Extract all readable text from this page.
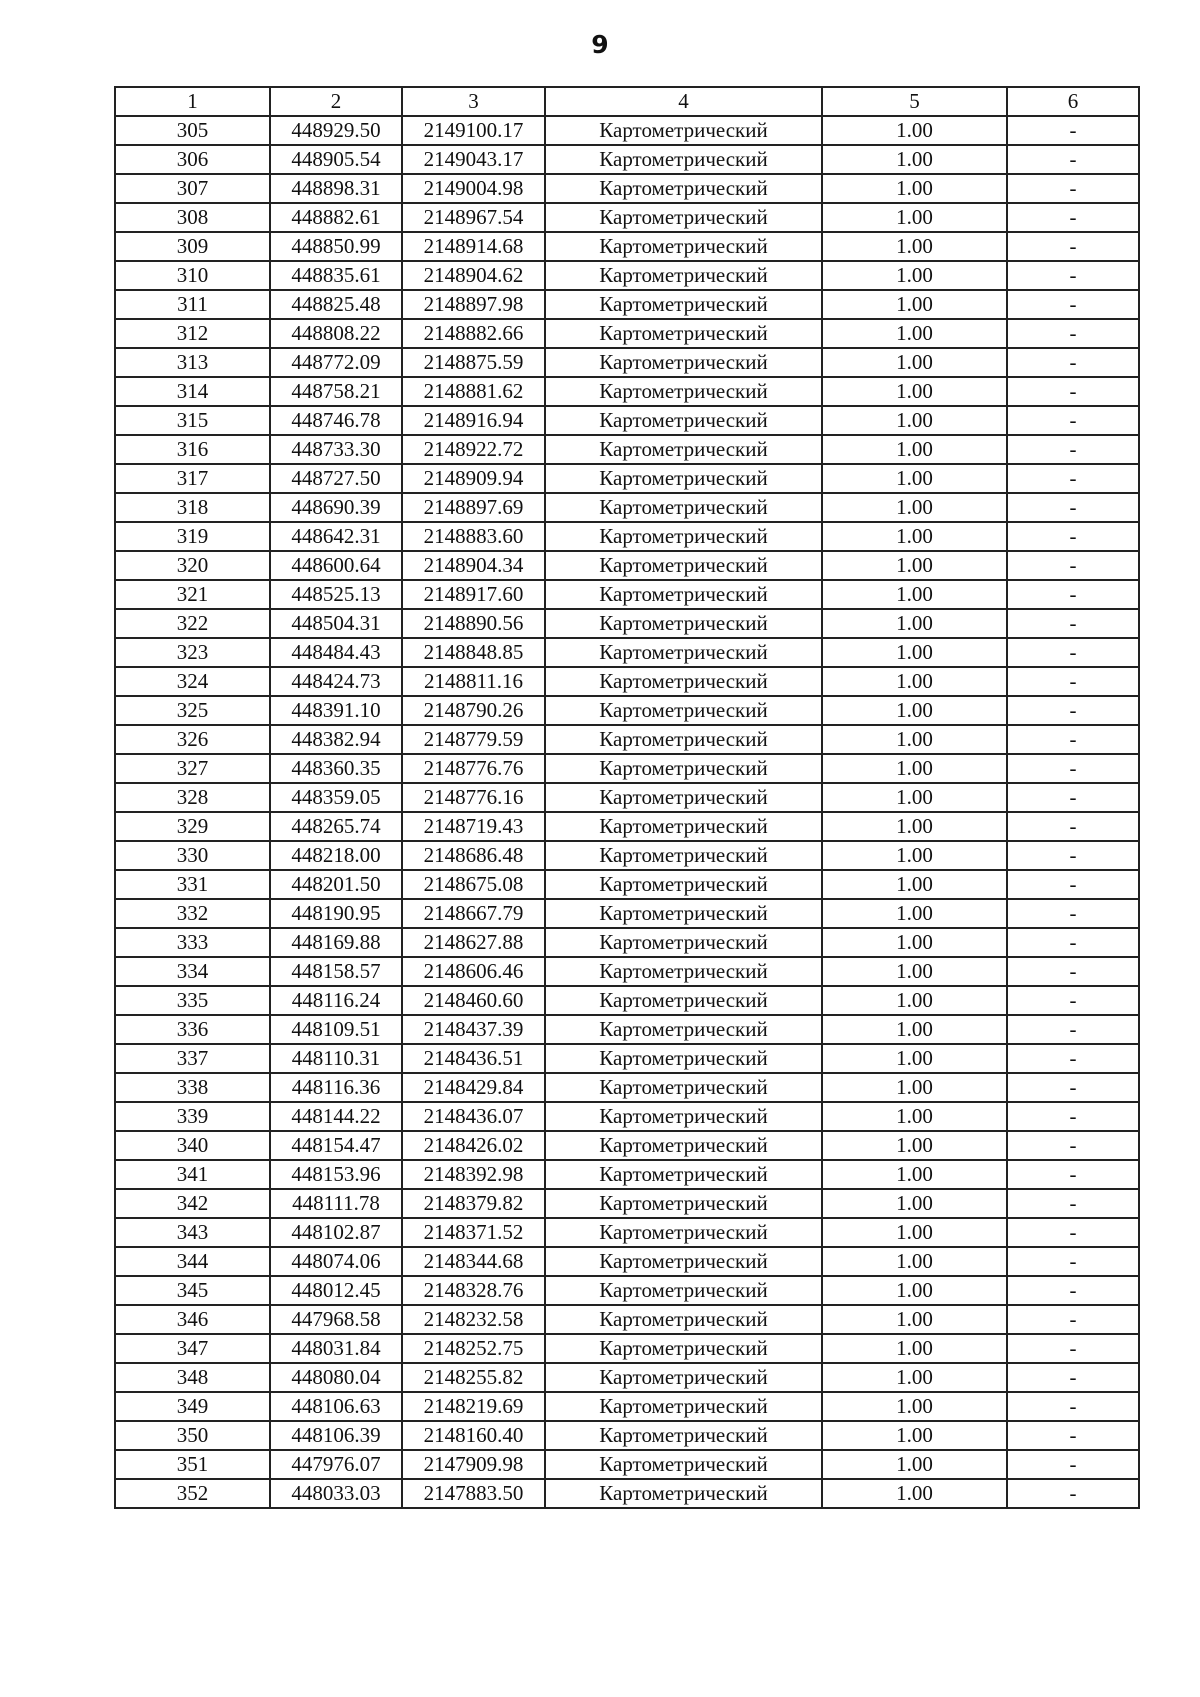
9
1	2	3	4	5	6
305	448929.50	2149100.17	Картометрический	1.00	-
306	448905.54	2149043.17	Картометрический	1.00	-
307	448898.31	2149004.98	Картометрический	1.00	-
308	448882.61	2148967.54	Картометрический	1.00	-
309	448850.99	2148914.68	Картометрический	1.00	-
310	448835.61	2148904.62	Картометрический	1.00	-
311	448825.48	2148897.98	Картометрический	1.00	-
312	448808.22	2148882.66	Картометрический	1.00	-
313	448772.09	2148875.59	Картометрический	1.00	-
314	448758.21	2148881.62	Картометрический	1.00	-
315	448746.78	2148916.94	Картометрический	1.00	-
316	448733.30	2148922.72	Картометрический	1.00	-
317	448727.50	2148909.94	Картометрический	1.00	-
318	448690.39	2148897.69	Картометрический	1.00	-
319	448642.31	2148883.60	Картометрический	1.00	-
320	448600.64	2148904.34	Картометрический	1.00	-
321	448525.13	2148917.60	Картометрический	1.00	-
322	448504.31	2148890.56	Картометрический	1.00	-
323	448484.43	2148848.85	Картометрический	1.00	-
324	448424.73	2148811.16	Картометрический	1.00	-
325	448391.10	2148790.26	Картометрический	1.00	-
326	448382.94	2148779.59	Картометрический	1.00	-
327	448360.35	2148776.76	Картометрический	1.00	-
328	448359.05	2148776.16	Картометрический	1.00	-
329	448265.74	2148719.43	Картометрический	1.00	-
330	448218.00	2148686.48	Картометрический	1.00	-
331	448201.50	2148675.08	Картометрический	1.00	-
332	448190.95	2148667.79	Картометрический	1.00	-
333	448169.88	2148627.88	Картометрический	1.00	-
334	448158.57	2148606.46	Картометрический	1.00	-
335	448116.24	2148460.60	Картометрический	1.00	-
336	448109.51	2148437.39	Картометрический	1.00	-
337	448110.31	2148436.51	Картометрический	1.00	-
338	448116.36	2148429.84	Картометрический	1.00	-
339	448144.22	2148436.07	Картометрический	1.00	-
340	448154.47	2148426.02	Картометрический	1.00	-
341	448153.96	2148392.98	Картометрический	1.00	-
342	448111.78	2148379.82	Картометрический	1.00	-
343	448102.87	2148371.52	Картометрический	1.00	-
344	448074.06	2148344.68	Картометрический	1.00	-
345	448012.45	2148328.76	Картометрический	1.00	-
346	447968.58	2148232.58	Картометрический	1.00	-
347	448031.84	2148252.75	Картометрический	1.00	-
348	448080.04	2148255.82	Картометрический	1.00	-
349	448106.63	2148219.69	Картометрический	1.00	-
350	448106.39	2148160.40	Картометрический	1.00	-
351	447976.07	2147909.98	Картометрический	1.00	-
352	448033.03	2147883.50	Картометрический	1.00	-
